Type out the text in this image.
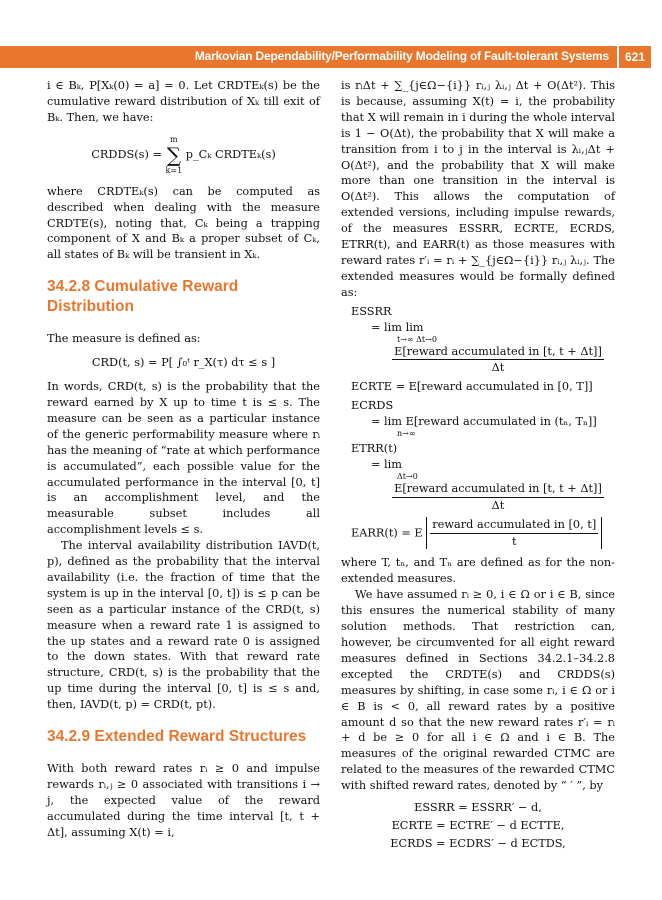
Markovian Dependability/Performability Modeling of Fault-tolerant Systems	621

i ∈ Bₖ, P[Xₖ(0) = a] = 0. Let CRDTEₖ(s) be the cumulative reward distribution of Xₖ till exit of Bₖ. Then, we have:

CRDDS(s) =
m
∑
k=1
p_Cₖ CRDTEₖ(s)

where CRDTEₖ(s) can be computed as described when dealing with the measure CRDTE(s), noting that, Cₖ being a trapping component of X and Bₖ a proper subset of Cₖ, all states of Bₖ will be transient in Xₖ.

34.2.8 Cumulative Reward Distribution

The measure is defined as:

CRD(t, s) = P[ ∫₀ᵗ r_X(τ) dτ ≤ s ]

In words, CRD(t, s) is the probability that the reward earned by X up to time t is ≤ s. The measure can be seen as a particular instance of the generic performability measure where rᵢ has the meaning of “rate at which performance is accumulated”, each possible value for the accumulated performance in the interval [0, t] is an accomplishment level, and the measurable subset includes all accomplishment levels ≤ s.

The interval availability distribution IAVD(t, p), defined as the probability that the interval availability (i.e. the fraction of time that the system is up in the interval [0, t]) is ≤ p can be seen as a particular instance of the CRD(t, s) measure when a reward rate 1 is assigned to the up states and a reward rate 0 is assigned to the down states. With that reward rate structure, CRD(t, s) is the probability that the up time during the interval [0, t] is ≤ s and, then, IAVD(t, p) = CRD(t, pt).

34.2.9 Extended Reward Structures

With both reward rates rᵢ ≥ 0 and impulse rewards rᵢ,ⱼ ≥ 0 associated with transitions i → j, the expected value of the reward accumulated during the time interval [t, t + Δt], assuming X(t) = i,

is rᵢΔt + ∑_{j∈Ω−{i}} rᵢ,ⱼ λᵢ,ⱼ Δt + O(Δt²). This is because, assuming X(t) = i, the probability that X will remain in i during the whole interval is 1 − O(Δt), the probability that X will make a transition from i to j in the interval is λᵢ,ⱼΔt + O(Δt²), and the probability that X will make more than one transition in the interval is O(Δt²). This allows the computation of extended versions, including impulse rewards, of the measures ESSRR, ECRTE, ECRDS, ETRR(t), and EARR(t) as those measures with reward rates r′ᵢ = rᵢ + ∑_{j∈Ω−{i}} rᵢ,ⱼ λᵢ,ⱼ. The extended measures would be formally defined as:

ESSRR
= lim lim
t→∞ Δt→0
$\frac{\text{E[reward accumulated in [t, t + Δt]]}}{\Delta t}$
ECRTE = E[reward accumulated in [0, T]]
ECRDS
= lim E[reward accumulated in (tₙ, Tₙ]]
n→∞
ETRR(t)
= lim
Δt→0
$\frac{\text{E[reward accumulated in [t, t + Δt]]}}{\Delta t}$
EARR(t) = E $\frac{\text{reward accumulated in [0, t]}}{t}$

where T, tₙ, and Tₙ are defined as for the non-extended measures.

We have assumed rᵢ ≥ 0, i ∈ Ω or i ∈ B, since this ensures the numerical stability of many solution methods. That restriction can, however, be circumvented for all eight reward measures defined in Sections 34.2.1–34.2.8 excepted the CRDTE(s) and CRDDS(s) measures by shifting, in case some rᵢ, i ∈ Ω or i ∈ B is < 0, all reward rates by a positive amount d so that the new reward rates r′ᵢ = rᵢ + d be ≥ 0 for all i ∈ Ω and i ∈ B. The measures of the original rewarded CTMC are related to the measures of the rewarded CTMC with shifted reward rates, denoted by “ ′ ”, by

ESSRR = ESSRR′ − d,
ECRTE = ECTRE′ − d ECTTE,
ECRDS = ECDRS′ − d ECTDS,
